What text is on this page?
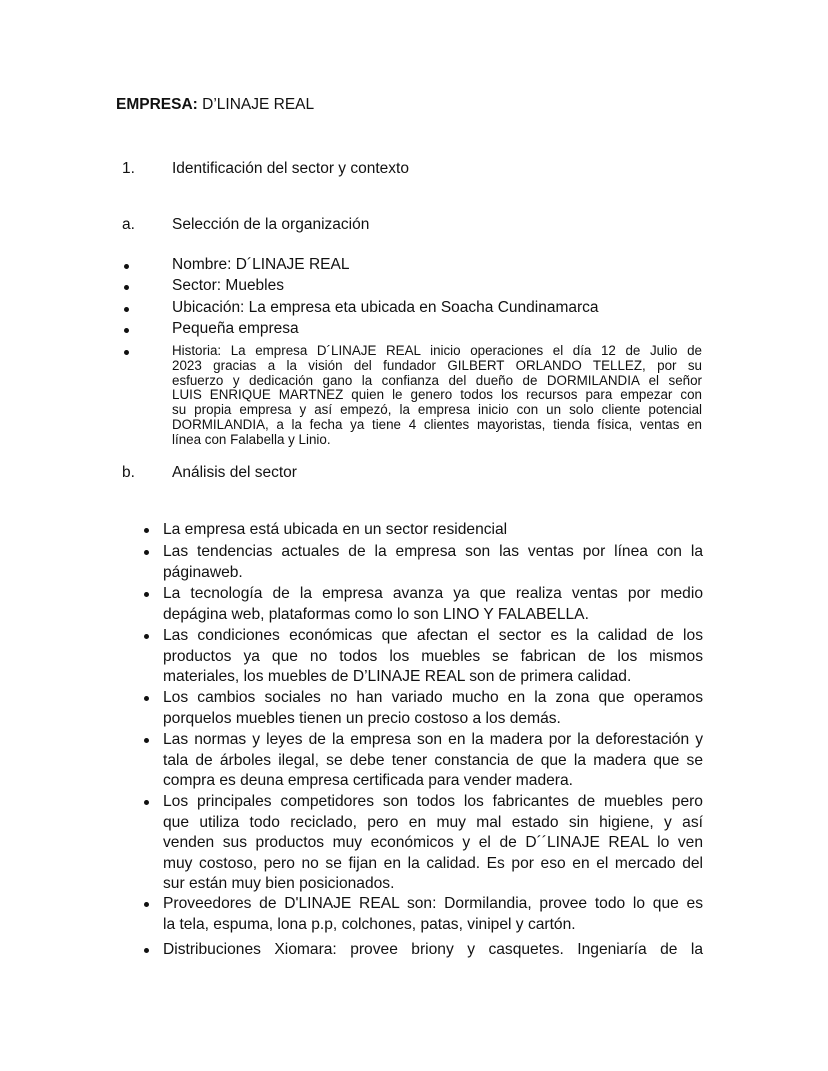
EMPRESA: D’LINAJE REAL
1. Identificación del sector y contexto
a. Selección de la organización
Nombre: D´LINAJE REAL
Sector: Muebles
Ubicación: La empresa eta ubicada en Soacha Cundinamarca
Pequeña empresa
Historia: La empresa D´LINAJE REAL inicio operaciones el día 12 de Julio de
2023 gracias a la visión del fundador GILBERT ORLANDO TELLEZ, por su
esfuerzo y dedicación gano la confianza del dueño de DORMILANDIA el señor
LUIS ENRIQUE MARTNEZ quien le genero todos los recursos para empezar con
su propia empresa y así empezó, la empresa inicio con un solo cliente potencial
DORMILANDIA, a la fecha ya tiene 4 clientes mayoristas, tienda física, ventas en
línea con Falabella y Linio.
b. Análisis del sector
La empresa está ubicada en un sector residencial
Las tendencias actuales de la empresa son las ventas por línea con la
páginaweb.
La tecnología de la empresa avanza ya que realiza ventas por medio
depágina web, plataformas como lo son LINO Y FALABELLA.
Las condiciones económicas que afectan el sector es la calidad de los
productos ya que no todos los muebles se fabrican de los mismos
materiales, los muebles de D’LINAJE REAL son de primera calidad.
Los cambios sociales no han variado mucho en la zona que operamos
porquelos muebles tienen un precio costoso a los demás.
Las normas y leyes de la empresa son en la madera por la deforestación y
tala de árboles ilegal, se debe tener constancia de que la madera que se
compra es deuna empresa certificada para vender madera.
Los principales competidores son todos los fabricantes de muebles pero
que utiliza todo reciclado, pero en muy mal estado sin higiene, y así
venden sus productos muy económicos y el de D´´LINAJE REAL lo ven
muy costoso, pero no se fijan en la calidad. Es por eso en el mercado del
sur están muy bien posicionados.
Proveedores de D'LINAJE REAL son: Dormilandia, provee todo lo que es
la tela, espuma, lona p.p, colchones, patas, vinipel y cartón.
Distribuciones Xiomara: provee briony y casquetes. Ingeniaría de la
